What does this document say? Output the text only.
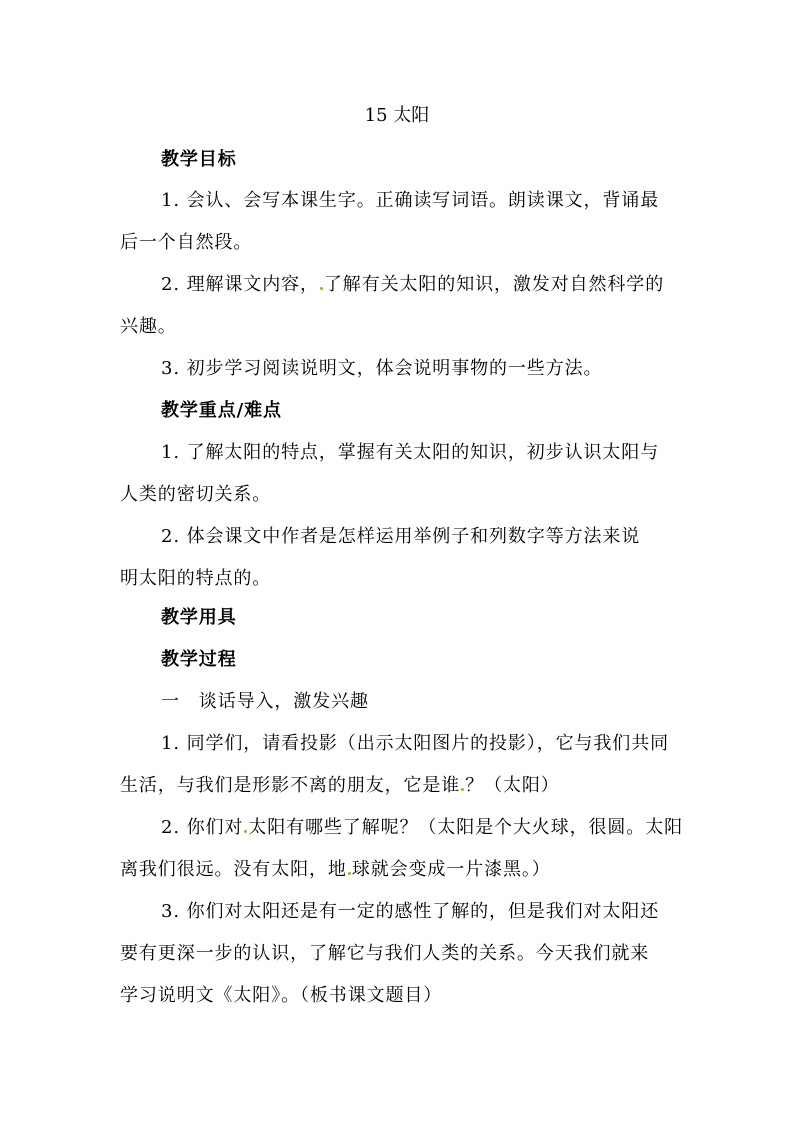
15 太阳
教学目标
1. 会认、会写本课生字。正确读写词语。朗读课文，背诵最
后一个自然段。
2. 理解课文内容， 了解有关太阳的知识，激发对自然科学的
兴趣。
3. 初步学习阅读说明文，体会说明事物的一些方法。
教学重点/难点
1. 了解太阳的特点，掌握有关太阳的知识，初步认识太阳与
人类的密切关系。
2. 体会课文中作者是怎样运用举例子和列数字等方法来说
明太阳的特点的。
教学用具
教学过程
一　谈话导入，激发兴趣
1. 同学们，请看投影（出示太阳图片的投影），它与我们共同
生活，与我们是形影不离的朋友，它是谁 ？（太阳）
2. 你们对 太阳有哪些了解呢？（太阳是个大火球，很圆。太阳
离我们很远。没有太阳，地 球就会变成一片漆黑。）
3. 你们对太阳还是有一定的感性了解的，但是我们对太阳还
要有更深一步的认识，了解它与我们人类的关系。今天我们就来
学习说明文《太阳》。（板书课文题目）
